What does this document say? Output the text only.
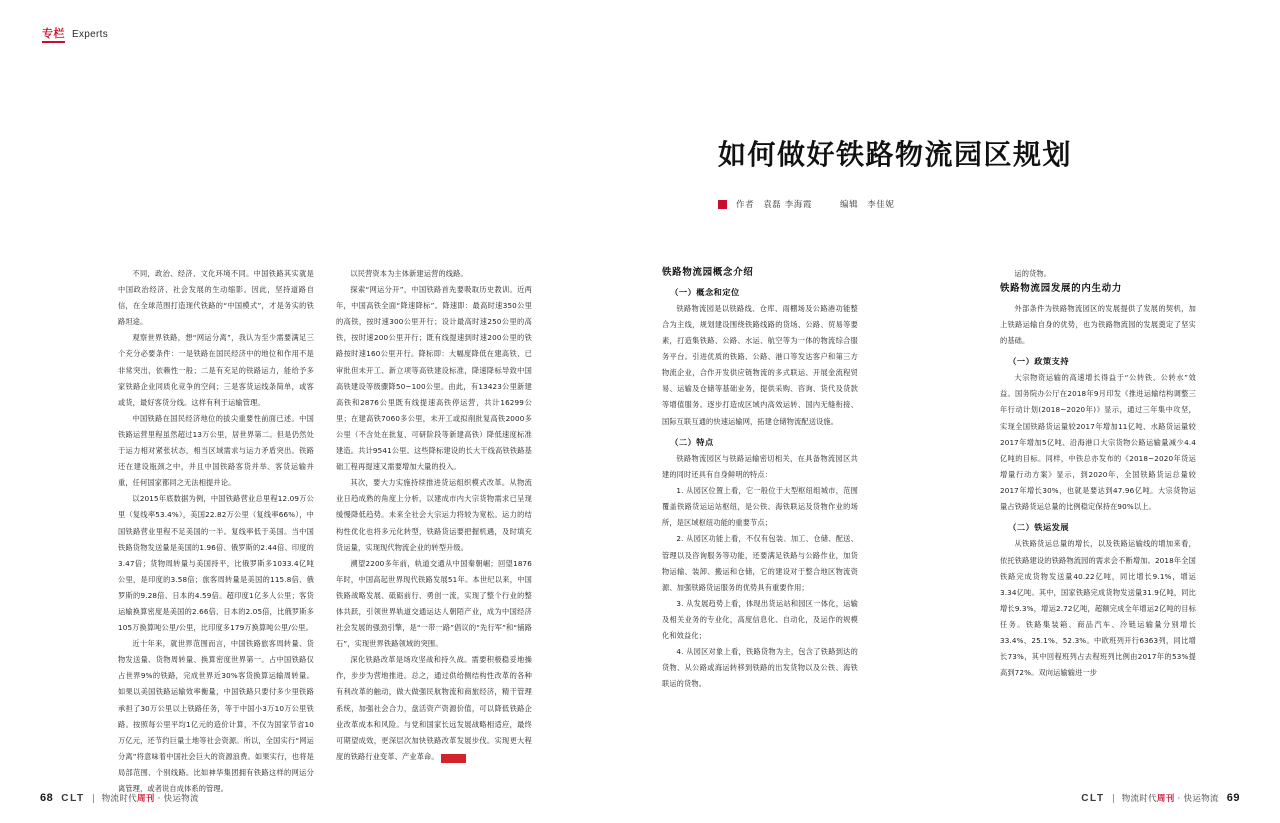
专栏 Experts
如何做好铁路物流园区规划
作者 袁磊 李海霞	编辑 李佳妮

不同，政治、经济、文化环境不同。中国铁路其实就是中国政治经济、社会发展的生动缩影。因此，坚持道路自信，在全球范围打造现代铁路的“中国模式”，才是务实的铁路坦途。

观察世界铁路，想“网运分离”，我认为至少需要满足三个充分必要条件：一是铁路在国民经济中的地位和作用不是非常突出，依赖性一般；二是有充足的铁路运力，能给予多家铁路企业同质化竞争的空间；三是客货运线条简单，或客或货，最好客货分线。这样有利于运输管理。

中国铁路在国民经济地位的拔尖重要性前面已述。中国铁路运营里程虽然超过13万公里，居世界第二。但是仍然处于运力相对紧张状态，相当区域需求与运力矛盾突出。铁路还在建设瓶颈之中，并且中国铁路客货并举、客货运输并重，任何国家都同之无法相提并论。

以2015年底数据为例，中国铁路营业总里程12.09万公里（复线率53.4%），美国22.82万公里（复线率66%），中国铁路营业里程不足美国的一半。复线率低于美国。当中国铁路货物发送量是美国的1.96倍、俄罗斯的2.44倍、印度的3.47倍；货物周转量与美国持平，比俄罗斯多1033.4亿吨公里，是印度的3.58倍；旅客周转量是美国的115.8倍、俄罗斯的9.28倍、日本的4.59倍。超印度1亿多人公里；客货运输换算密度是美国的2.66倍、日本的2.05倍，比俄罗斯多105万换算吨公里/公里，比印度多179万换算吨公里/公里。

近十年来，就世界范围而言，中国铁路旅客周转量、货物发送量、货物周转量、换算密度世界第一。占中国铁路仅占世界9%的铁路，完成世界近30%客货换算运输周转量。如果以美国铁路运输效率衡量，中国铁路只要付多少里铁路承担了30万公里以上铁路任务，等于中国小3万10万公里铁路。按照每公里平均1亿元的造价计算，不仅为国家节省10万亿元，还节约巨量土地等社会资源。所以，全国实行“网运分离”将意味着中国社会巨大的资源浪费。如果实行，也将是局部范围、个别线路。比如神华集团拥有铁路这样的网运分离管理，或者说自成体系的管理。

以民营资本为主体新建运营的线路。

探索“网运分开”，中国铁路首先要吸取历史教训。近两年，中国高铁全面“降速降标”。降速即：最高时速350公里的高铁，按时速300公里开行；设计最高时速250公里的高铁，按时速200公里开行；既有线提速到时速200公里的铁路按时速160公里开行。降标即：大幅度降低在建高铁、已审批但未开工、新立项等高铁建设标准，降速降标导致中国高铁建设等级骤降50~100公里。由此，有13423公里新建高铁和2876公里既有线提速高铁停运营，共计16299公里；在建高铁7060多公里，未开工或拟削批复高铁2000多公里（不含处在批复、可研阶段等新建高铁）降低速度标准建造。共计9541公里。这些降标建设的长大干线高铁铁路基础工程再提速又需要增加大量的投入。

其次，要大力实施持续推进货运组织模式改革。从物流业日趋成熟的角度上分析，以建成市内大宗货物需求已呈现缓慢降低趋势。未来全社会大宗运力将较为宽松。运力的结构性优化也将多元化转型，铁路货运要把握机遇，及时填充货运量，实现现代物流企业的转型升级。

溯望2200多年前，轨道交通从中国秦朝崛；回望1876年时，中国高起世界现代铁路发展51年。本世纪以来，中国铁路战略发展、砥砺前行、勇创一流，实现了整个行业的整体共跃，引领世界轨道交通运达人朝陌产业，成为中国经济社会发展的强劲引擎，是“一带一路”倡议的“先行军”和“铺路石”，实现世界铁路领域的突围。

深化铁路改革是场攻坚战和持久战。需要积极稳妥地操作，步步为营地推进。总之，通过供给侧结构性改革的各种有利改革的触动，做大做强民航物流和商旅经济，精干管理系统，加强社会合力，盘活资产资源价值，可以降低铁路企业改革成本和风险。与党和国家长远发展战略相适应，最终可期望成效，更深层次加快铁路改革发展步伐。实现更大程度的铁路行业变革、产业革命。	●

铁路物流园概念介绍
（一）概念和定位

铁路物流园是以铁路线、仓库、雨棚场及公路港功能整合为主线，规划建设围绕铁路线路的货场、公路、贸易等要素，打造集铁路、公路、水运、航空等为一体的物流综合服务平台。引进优质的铁路、公路、港口等发达客户和第三方物流企业，合作开发供应链物流的多式联运、开展金流程贸易、运输及仓储等基础业务，提供采购、咨询、货代及货款等增值服务。逐步打造成区域内高效运转、国内无缝衔接、国际互联互通的快速运输网，拓建仓储物流配送设施。

（二）特点

铁路物流园区与铁路运输密切相关，在具备物流园区共建的同时还具有自身鲜明的特点：

1. 从园区位置上看，它一般位于大型枢纽组城市，范围覆盖铁路货运运站枢纽，是公铁、海铁联运及货物作业的场所，是区域枢纽功能的重要节点；

2. 从园区功能上看，不仅有包装、加工、仓储、配送、管理以及咨询服务等功能，还要满足铁路与公路作业，加货物运输、装卸、搬运和仓储，它的建设对于整合地区物流资源、加强铁路货运服务的优势具有重要作用；

3. 从发展趋势上看，体现出货运站和园区一体化，运输及相关业务的专业化，高度信息化、自动化，及运作的规模化和效益化；

4. 从园区对象上看，铁路货物为主，包含了铁路到达的货物、从公路或海运转移到铁路的出发货物以及公铁、海铁联运的货物。

运的货物。

铁路物流园发展的内生动力

外部条件为铁路物流园区的发展提供了发展的契机，加上铁路运输自身的优势，也为铁路物流园的发展奠定了坚实的基础。

（一）政策支持

大宗物资运输的高速增长得益于“公转铁、公转水”效益。国务院办公厅在2018年9月印发《推进运输结构调整三年行动计划(2018~2020年)》显示，通过三年集中攻坚，实现全国铁路货运量较2017年增加11亿吨、水路货运量较2017年增加5亿吨、沿海港口大宗货物公路运输量减少4.4亿吨的目标。同样，中铁总亦发布的《2018~2020年货运增量行动方案》显示，到2020年，全国铁路货运总量较2017年增长30%，也就是要达到47.96亿吨。大宗货物运量占铁路货运总量的比例稳定保持在90%以上。

（二）铁运发展

从铁路货运总量的增长，以及铁路运输线的增加来看，依托铁路建设的铁路物流园的需求会不断增加。2018年全国铁路完成货物发送量40.22亿吨，同比增长9.1%，增运3.34亿吨。其中，国家铁路完成货物发送量31.9亿吨，同比增长9.3%，增运2.72亿吨，超额完成全年增运2亿吨的目标任务。铁路集装箱、商品汽车、冷链运输量分别增长33.4%、25.1%、52.3%。中欧班列开行6363列，同比增长73%，其中回程班列占去程班列比例由2017年的53%提高到72%。双向运输输进一步

68 CLT 物流时代周刊 · 快运物流	CLT 物流时代周刊 · 快运物流 69
